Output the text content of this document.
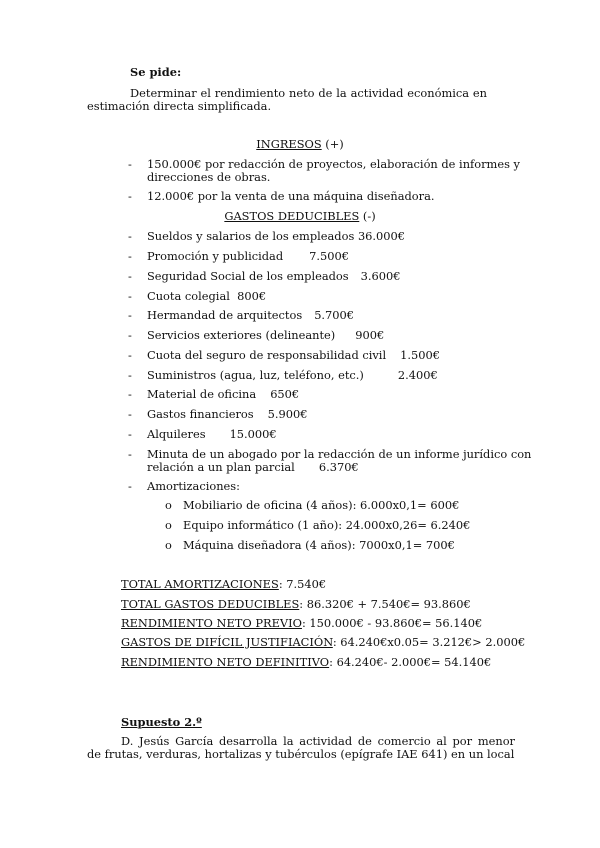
Se pide:
Determinar el rendimiento neto de la actividad económica en
estimación directa simplificada.
INGRESOS (+)
- 150.000€ por redacción de proyectos, elaboración de informes y
direcciones de obras.
- 12.000€ por la venta de una máquina diseñadora.
GASTOS DEDUCIBLES (-)
- Sueldos y salarios de los empleados 36.000€
- Promoción y publicidad 7.500€
- Seguridad Social de los empleados 3.600€
- Cuota colegial 800€
- Hermandad de arquitectos 5.700€
- Servicios exteriores (delineante) 900€
- Cuota del seguro de responsabilidad civil 1.500€
- Suministros (agua, luz, teléfono, etc.)	2.400€
- Material de oficina 650€
- Gastos financieros 5.900€
- Alquileres 15.000€
- Minuta de un abogado por la redacción de un informe jurídico con
relación a un plan parcial 6.370€
- Amortizaciones:
o Mobiliario de oficina (4 años): 6.000x0,1= 600€
o Equipo informático (1 año): 24.000x0,26= 6.240€
o Máquina diseñadora (4 años): 7000x0,1= 700€
TOTAL AMORTIZACIONES: 7.540€
TOTAL GASTOS DEDUCIBLES: 86.320€ + 7.540€= 93.860€
RENDIMIENTO NETO PREVIO: 150.000€ - 93.860€= 56.140€
GASTOS DE DIFÍCIL JUSTIFIACIÓN: 64.240€x0.05= 3.212€> 2.000€
RENDIMIENTO NETO DEFINITIVO: 64.240€- 2.000€= 54.140€
Supuesto 2.º
D. Jesús García desarrolla la actividad de comercio al por menor
de frutas, verduras, hortalizas y tubérculos (epígrafe IAE 641) en un local
